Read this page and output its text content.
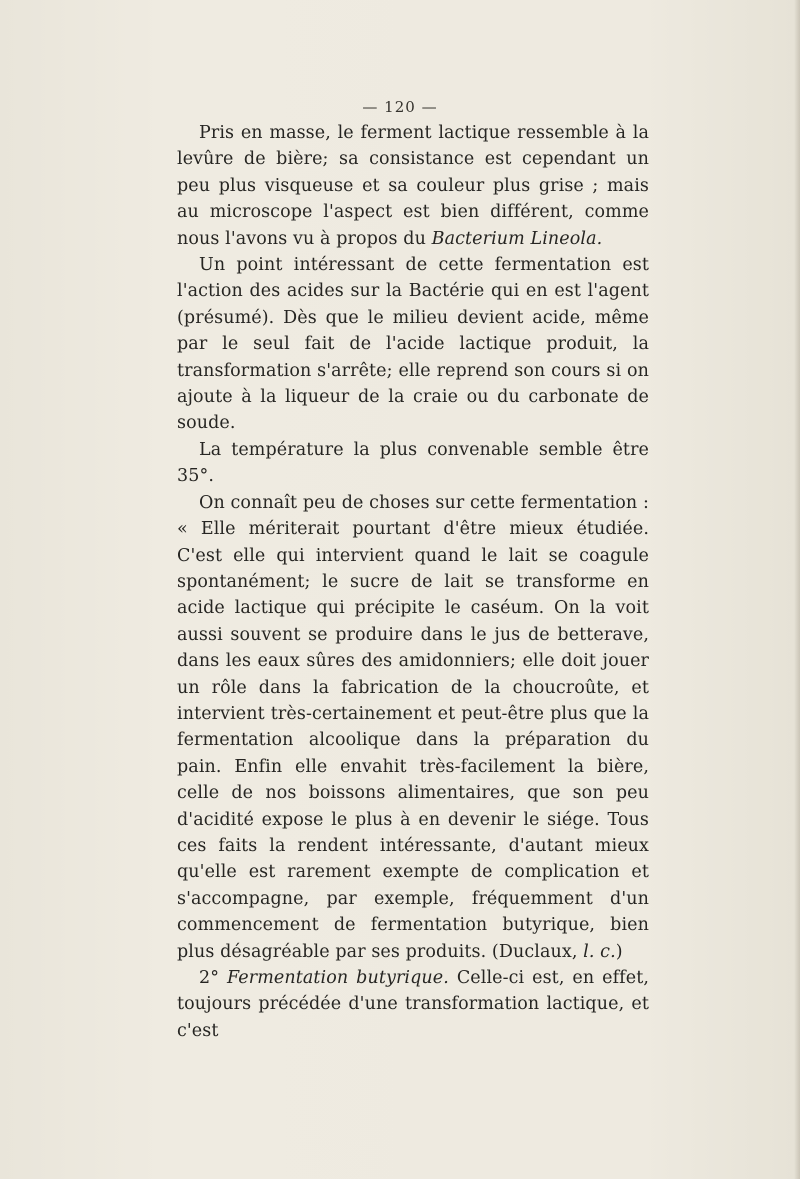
— 120 —

Pris en masse, le ferment lactique ressemble à la levûre de bière; sa consistance est cependant un peu plus visqueuse et sa couleur plus grise ; mais au microscope l'aspect est bien différent, comme nous l'avons vu à propos du Bacterium Lineola.

Un point intéressant de cette fermentation est l'action des acides sur la Bactérie qui en est l'agent (présumé). Dès que le milieu devient acide, même par le seul fait de l'acide lactique produit, la transformation s'arrête; elle reprend son cours si on ajoute à la liqueur de la craie ou du carbonate de soude.

La température la plus convenable semble être 35°.

On connaît peu de choses sur cette fermentation : « Elle mériterait pourtant d'être mieux étudiée. C'est elle qui intervient quand le lait se coagule spontanément; le sucre de lait se transforme en acide lactique qui précipite le caséum. On la voit aussi souvent se produire dans le jus de betterave, dans les eaux sûres des amidonniers; elle doit jouer un rôle dans la fabrication de la choucroûte, et intervient très-certainement et peut-être plus que la fermentation alcoolique dans la préparation du pain. Enfin elle envahit très-facilement la bière, celle de nos boissons alimentaires, que son peu d'acidité expose le plus à en devenir le siége. Tous ces faits la rendent intéressante, d'autant mieux qu'elle est rarement exempte de complication et s'accompagne, par exemple, fréquemment d'un commencement de fermentation butyrique, bien plus désagréable par ses produits. (Duclaux, l. c.)

2° Fermentation butyrique. Celle-ci est, en effet, toujours précédée d'une transformation lactique, et c'est
